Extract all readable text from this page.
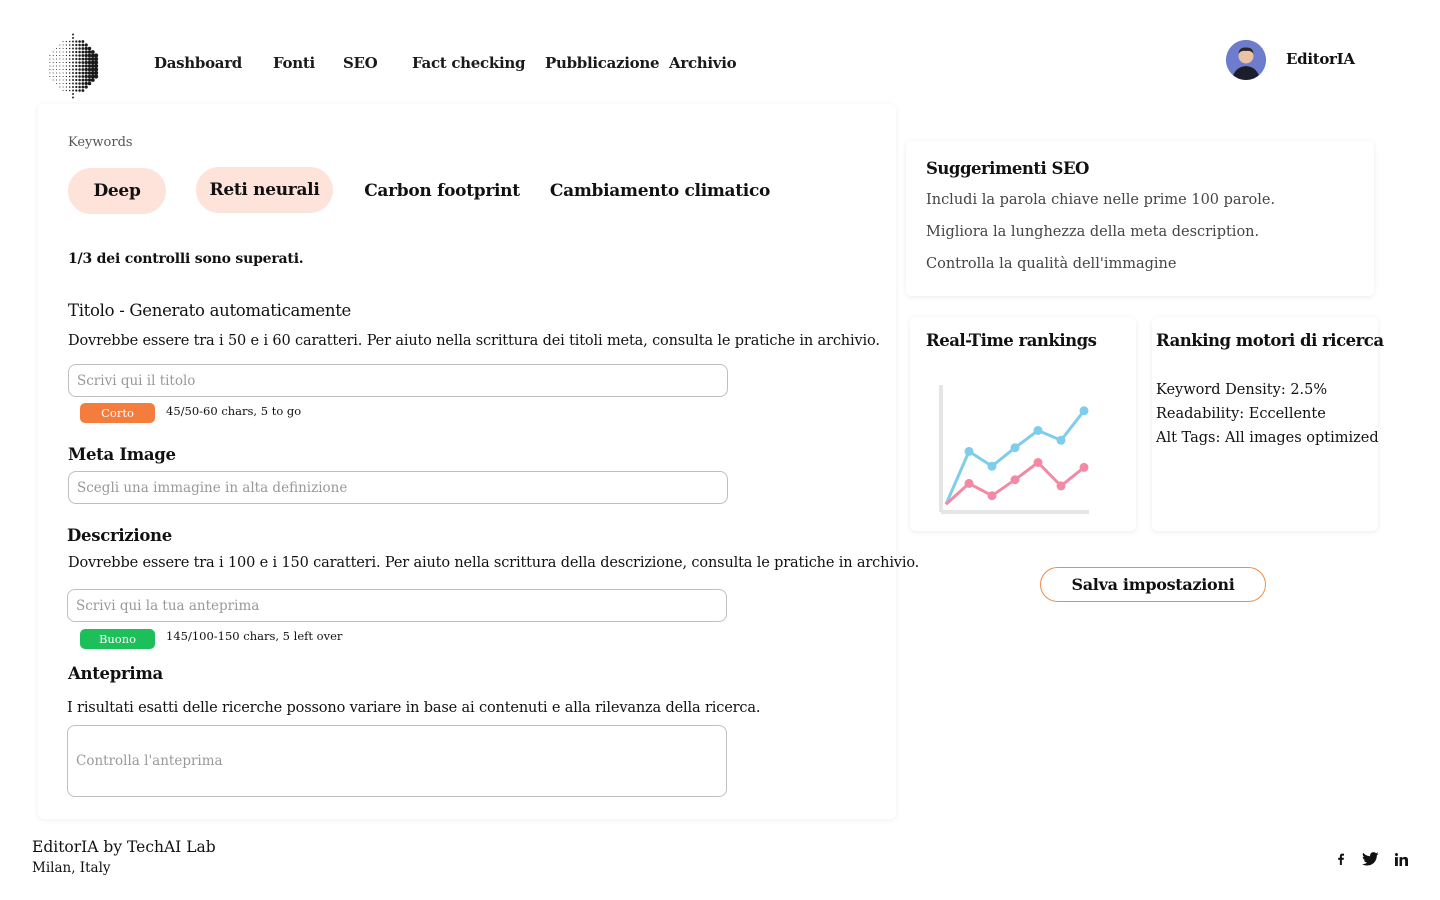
Dashboard Fonti SEO Fact checking Pubblicazione Archivio	EditorIA
Keywords
Deep	Reti neurali	Carbon footprint Cambiamento climatico
1/3 dei controlli sono superati.
Titolo - Generato automaticamente
Dovrebbe essere tra i 50 e i 60 caratteri. Per aiuto nella scrittura dei titoli meta, consulta le pratiche in archivio.
Scrivi qui il titolo
Corto	45/50-60 chars, 5 to go
Meta Image
Scegli una immagine in alta definizione
Descrizione
Dovrebbe essere tra i 100 e i 150 caratteri. Per aiuto nella scrittura della descrizione, consulta le pratiche in archivio.
Scrivi qui la tua anteprima
Buono	145/100-150 chars, 5 left over
Anteprima
I risultati esatti delle ricerche possono variare in base ai contenuti e alla rilevanza della ricerca.
Controlla l'anteprima
Suggerimenti SEO
Includi la parola chiave nelle prime 100 parole.
Migliora la lunghezza della meta description.
Controlla la qualità dell'immagine
Real-Time rankings	Ranking motori di ricerca
Keyword Density: 2.5%
Readability: Eccellente
Alt Tags: All images optimized
Salva impostazioni
EditorIA by TechAI Lab
Milan, Italy
